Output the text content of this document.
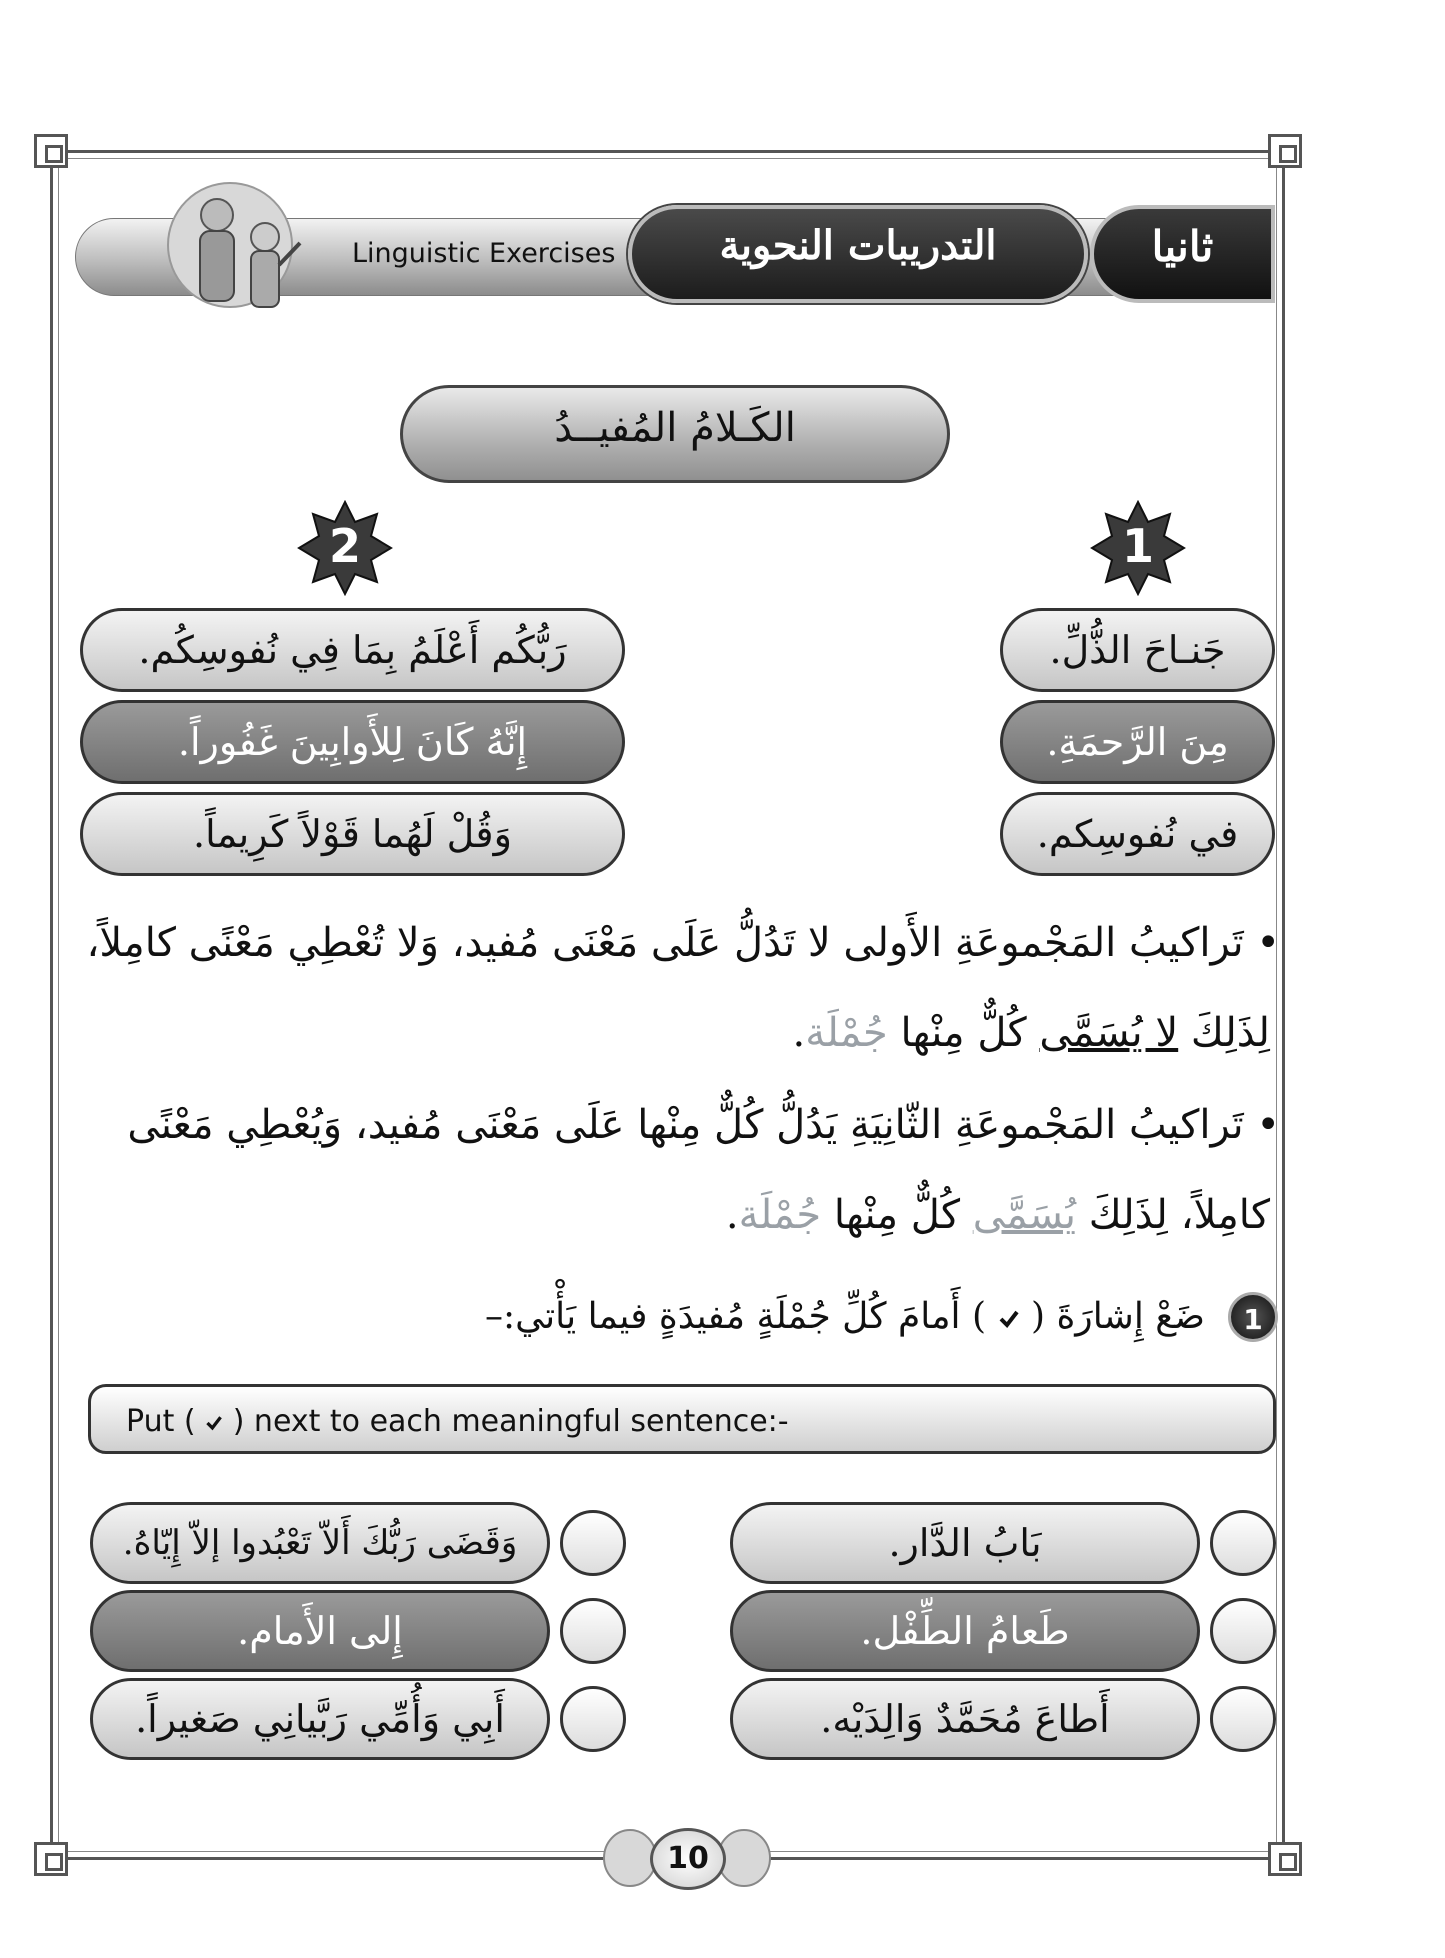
Linguistic Exercises	التدريبات النحوية	ثانيا
الكَـلامُ المُفيــدُ
1
2
جَنـاحَ الذُّلِّ.
مِنَ الرَّحمَةِ.
في نُفوسِكم.
رَبُّكُم أَعْلَمُ بِمَا فِي نُفوسِكُم.
إِنَّهُ كَانَ لِلأَوابِينَ غَفُوراً.
وَقُلْ لَهُما قَوْلاً كَرِيماً.
• تَراكيبُ المَجْموعَةِ الأَولى لا تَدُلُّ عَلَى مَعْنَى مُفيد، وَلا تُعْطِي مَعْنًى كامِلاً،
لِذَلِكَ لا يُسَمَّى كُلٌّ مِنْها جُمْلَة.
• تَراكيبُ المَجْموعَةِ الثّانِيَةِ يَدُلُّ كُلٌّ مِنْها عَلَى مَعْنَى مُفيد، وَيُعْطِي مَعْنًى
كامِلاً، لِذَلِكَ يُسَمَّى كُلٌّ مِنْها جُمْلَة.
1
ضَعْ إِشارَةَ (  ) أَمامَ كُلِّ جُمْلَةٍ مُفيدَةٍ فيما يَأْتي:–
Put ( ) next to each meaningful sentence:-
بَابُ الدَّار.
طَعامُ الطِّفْل.
أَطاعَ مُحَمَّدٌ وَالِدَيْه.
وَقَضَى رَبُّكَ أَلاّ تَعْبُدوا إلاّ إِيّاهُ.
إِلى الأَمام.
أَبِي وَأُمِّي رَبَّيانِي صَغيراً.
10
